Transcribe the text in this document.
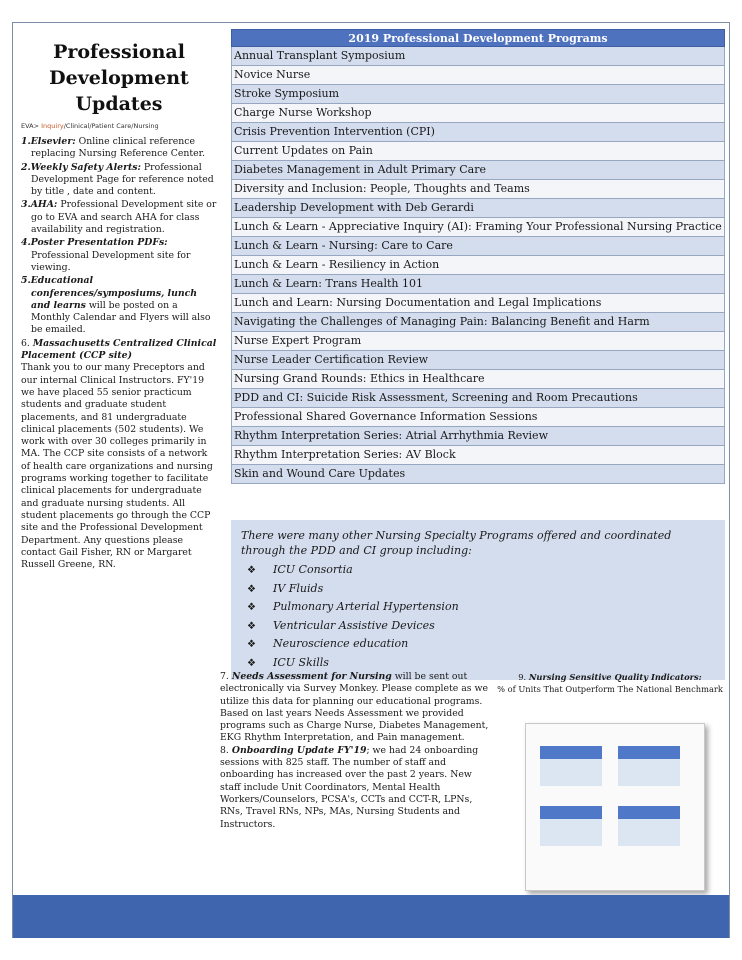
Professional
Development
Updates
EVA> Inquiry/Clinical/Patient Care/Nursing
1.Elsevier: Online clinical reference replacing Nursing Reference Center.
2.Weekly Safety Alerts: Professional Development Page for reference noted by title , date and content.
3.AHA: Professional Development site or go to EVA and search AHA for class availability and registration.
4.Poster Presentation PDFs: Professional Development site for viewing.
5.Educational conferences/symposiums, lunch and learns will be posted on a Monthly Calendar and Flyers will also be emailed.

6. Massachusetts Centralized Clinical Placement (CCP site)

Thank you to our many Preceptors and our internal Clinical Instructors. FY'19 we have placed 55 senior practicum students and graduate student placements, and 81 undergraduate clinical placements (502 students). We work with over 30 colleges primarily in MA. The CCP site consists of a network of health care organizations and nursing programs working together to facilitate clinical placements for undergraduate and graduate nursing students. All student placements go through the CCP site and the Professional Development Department. Any questions please contact Gail Fisher, RN or Margaret Russell Greene, RN.

2019 Professional Development Programs
Annual Transplant Symposium
Novice Nurse
Stroke Symposium
Charge Nurse Workshop
Crisis Prevention Intervention (CPI)
Current Updates on Pain
Diabetes Management in Adult Primary Care
Diversity and Inclusion: People, Thoughts and Teams
Leadership Development with Deb Gerardi
Lunch & Learn - Appreciative Inquiry (AI): Framing Your Professional Nursing Practice
Lunch & Learn - Nursing: Care to Care
Lunch & Learn - Resiliency in Action
Lunch & Learn: Trans Health 101
Lunch and Learn: Nursing Documentation and Legal Implications
Navigating the Challenges of Managing Pain: Balancing Benefit and Harm
Nurse Expert Program
Nurse Leader Certification Review
Nursing Grand Rounds: Ethics in Healthcare
PDD and CI: Suicide Risk Assessment, Screening and Room Precautions
Professional Shared Governance Information Sessions
Rhythm Interpretation Series: Atrial Arrhythmia Review
Rhythm Interpretation Series: AV Block
Skin and Wound Care Updates
There were many other Nursing Specialty Programs offered and coordinated through the PDD and CI group including:
❖ ICU Consortia
❖ IV Fluids
❖ Pulmonary Arterial Hypertension
❖ Ventricular Assistive Devices
❖ Neuroscience education
❖ ICU Skills

7. Needs Assessment for Nursing will be sent out electronically via Survey Monkey. Please complete as we utilize this data for planning our educational programs. Based on last years Needs Assessment we provided programs such as Charge Nurse, Diabetes Management, EKG Rhythm Interpretation, and Pain management.

8. Onboarding Update FY'19; we had 24 onboarding sessions with 825 staff. The number of staff and onboarding has increased over the past 2 years. New staff include Unit Coordinators, Mental Health Workers/Counselors, PCSA's, CCTs and CCT-R, LPNs, RNs, Travel RNs, NPs, MAs, Nursing Students and Instructors.

9. Nursing Sensitive Quality Indicators:

% of Units That Outperform The National Benchmark
